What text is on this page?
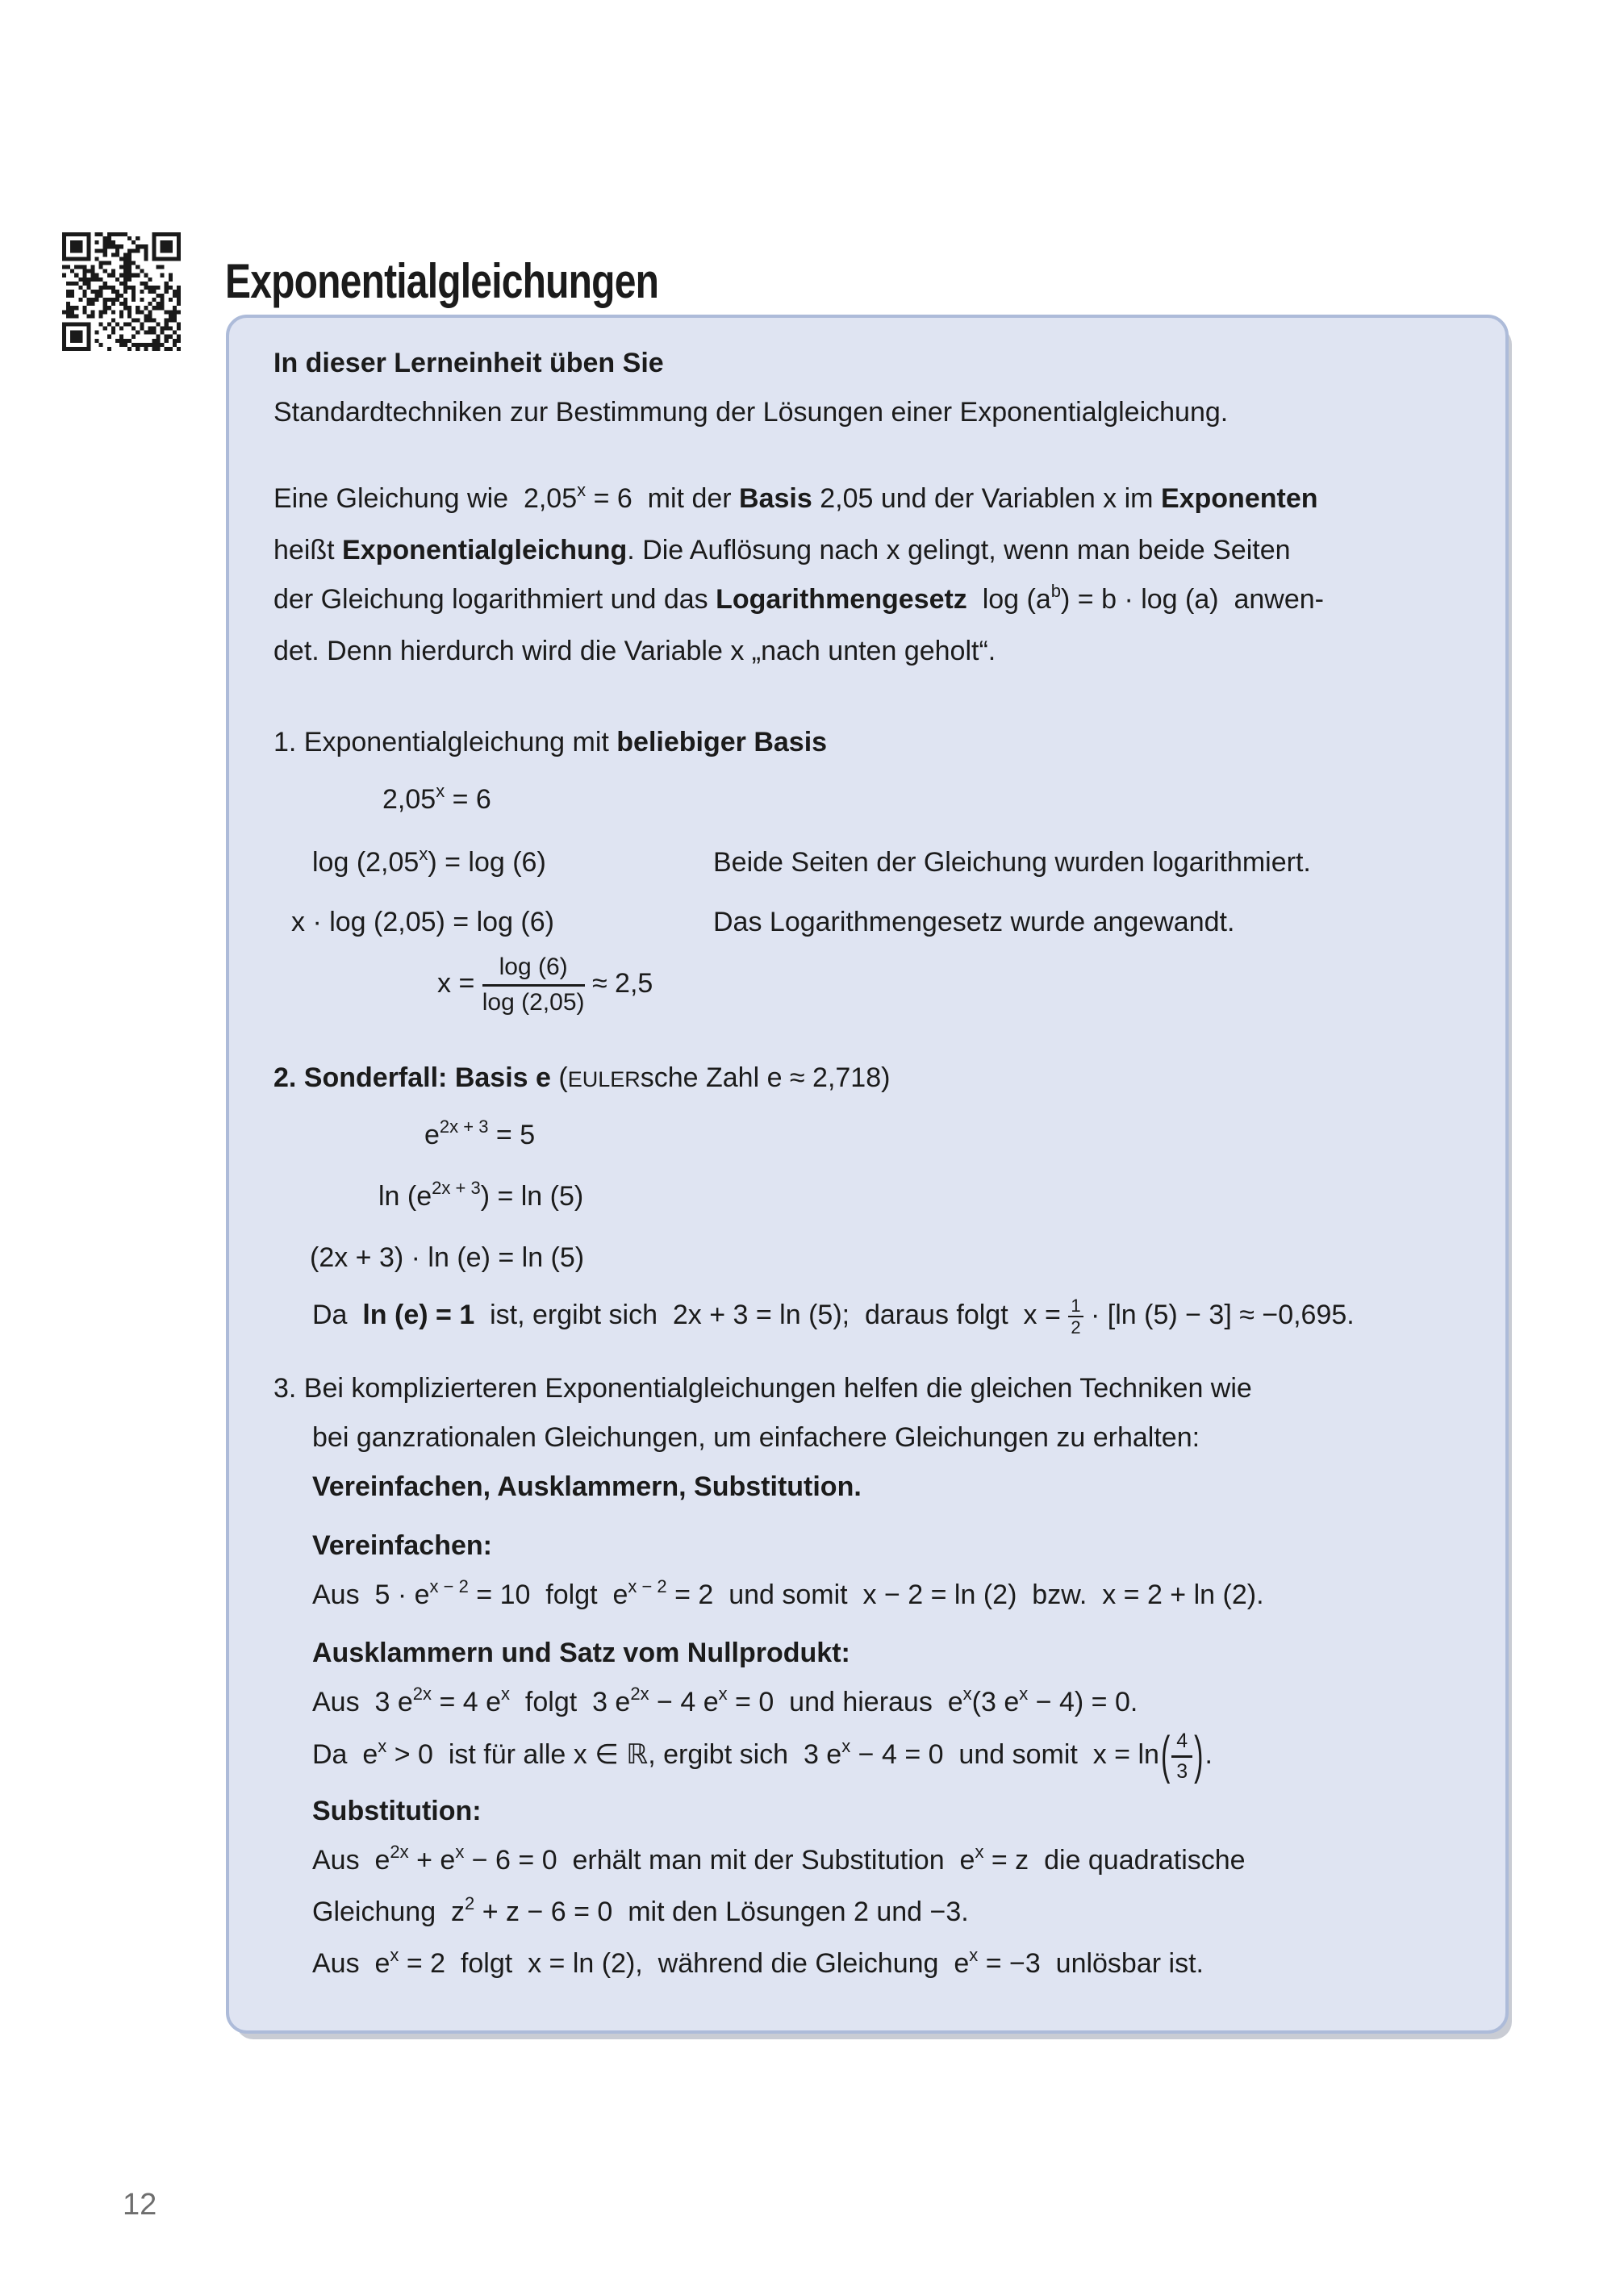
Exponentialgleichungen
In dieser Lerneinheit üben Sie
Standardtechniken zur Bestimmung der Lösungen einer Exponentialgleichung.
Eine Gleichung wie  $2,05^x = 6$  mit der Basis 2,05 und der Variablen x im Exponenten
heißt Exponentialgleichung. Die Auflösung nach x gelingt, wenn man beide Seiten
der Gleichung logarithmiert und das Logarithmengesetz  $\log (a^b) = b \cdot \log (a)$  anwen-
det. Denn hierdurch wird die Variable x „nach unten geholt“.
1. Exponentialgleichung mit beliebiger Basis
$2,05^x = 6$
$\log (2,05^x) = \log (6)$	Beide Seiten der Gleichung wurden logarithmiert.
x · log (2,05) = log (6)	Das Logarithmengesetz wurde angewandt.
$x = \frac{\log (6)}{\log (2,05)} \approx 2,5$
2. Sonderfall: Basis e (EULERsche Zahl e ≈ 2,718)
$e^{2x + 3} = 5$
$\ln (e^{2x + 3}) = \ln (5)$
(2x + 3) · ln (e) = ln (5)
Da  ln (e) = 1  ist, ergibt sich  2x + 3 = ln (5);  daraus folgt  $x = \frac{1}{2} \cdot [\ln$ (5) − 3] ≈ −0,695.
3. Bei komplizierteren Exponentialgleichungen helfen die gleichen Techniken wie
bei ganzrationalen Gleichungen, um einfachere Gleichungen zu erhalten:
Vereinfachen, Ausklammern, Substitution.
Vereinfachen:
Aus  $5 \cdot e^{x - 2} = 10$  folgt  $e^{x - 2} = 2$  und somit  x − 2 = ln (2)  bzw.  x = 2 + ln (2).
Ausklammern und Satz vom Nullprodukt:
Aus  3 $e^{2x} = 4$ $e^x$  folgt  3 $e^{2x} - 4$ $e^x = 0$  und hieraus  $e^x(3$ $e^x - 4) = 0$.
Da  $e^x > 0$  ist für alle x ∈ ℝ, ergibt sich  3 $e^x - 4 = 0$  und somit  x = ln ( $\frac{4}{3}$ ) .
Substitution:
Aus  $e^{2x} + e^x - 6 = 0$  erhält man mit der Substitution  $e^x = z$  die quadratische
Gleichung  $z^2 + z - 6 = 0$  mit den Lösungen 2 und −3.
Aus  $e^x = 2$  folgt  x = ln (2),  während die Gleichung  $e^x = -3$  unlösbar ist.
12
